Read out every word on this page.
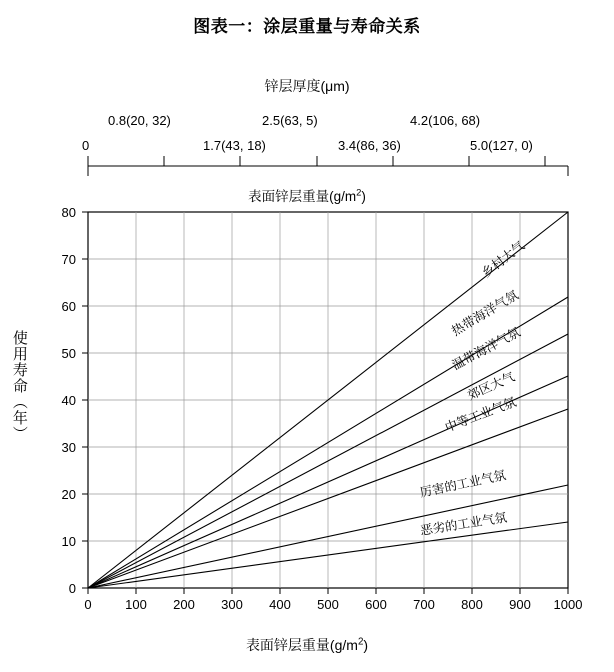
图表一：涂层重量与寿命关系
锌层厚度(μm)
0.8(20, 32)	2.5(63, 5)	4.2(106, 68)
0	1.7(43, 18)	3.4(86, 36)	5.0(127, 0)
表面锌层重量$(g/m^2)$
使用寿命（年）
80
70
60
50
40
30
20
10
0
0	100 200 300 400 500 600 700 800 900 1000
乡村大气
热带海洋气氛
温带海洋气氛
郊区大气
中等工业气氛
厉害的工业气氛
恶劣的工业气氛
表面锌层重量$(g/m^2)$
